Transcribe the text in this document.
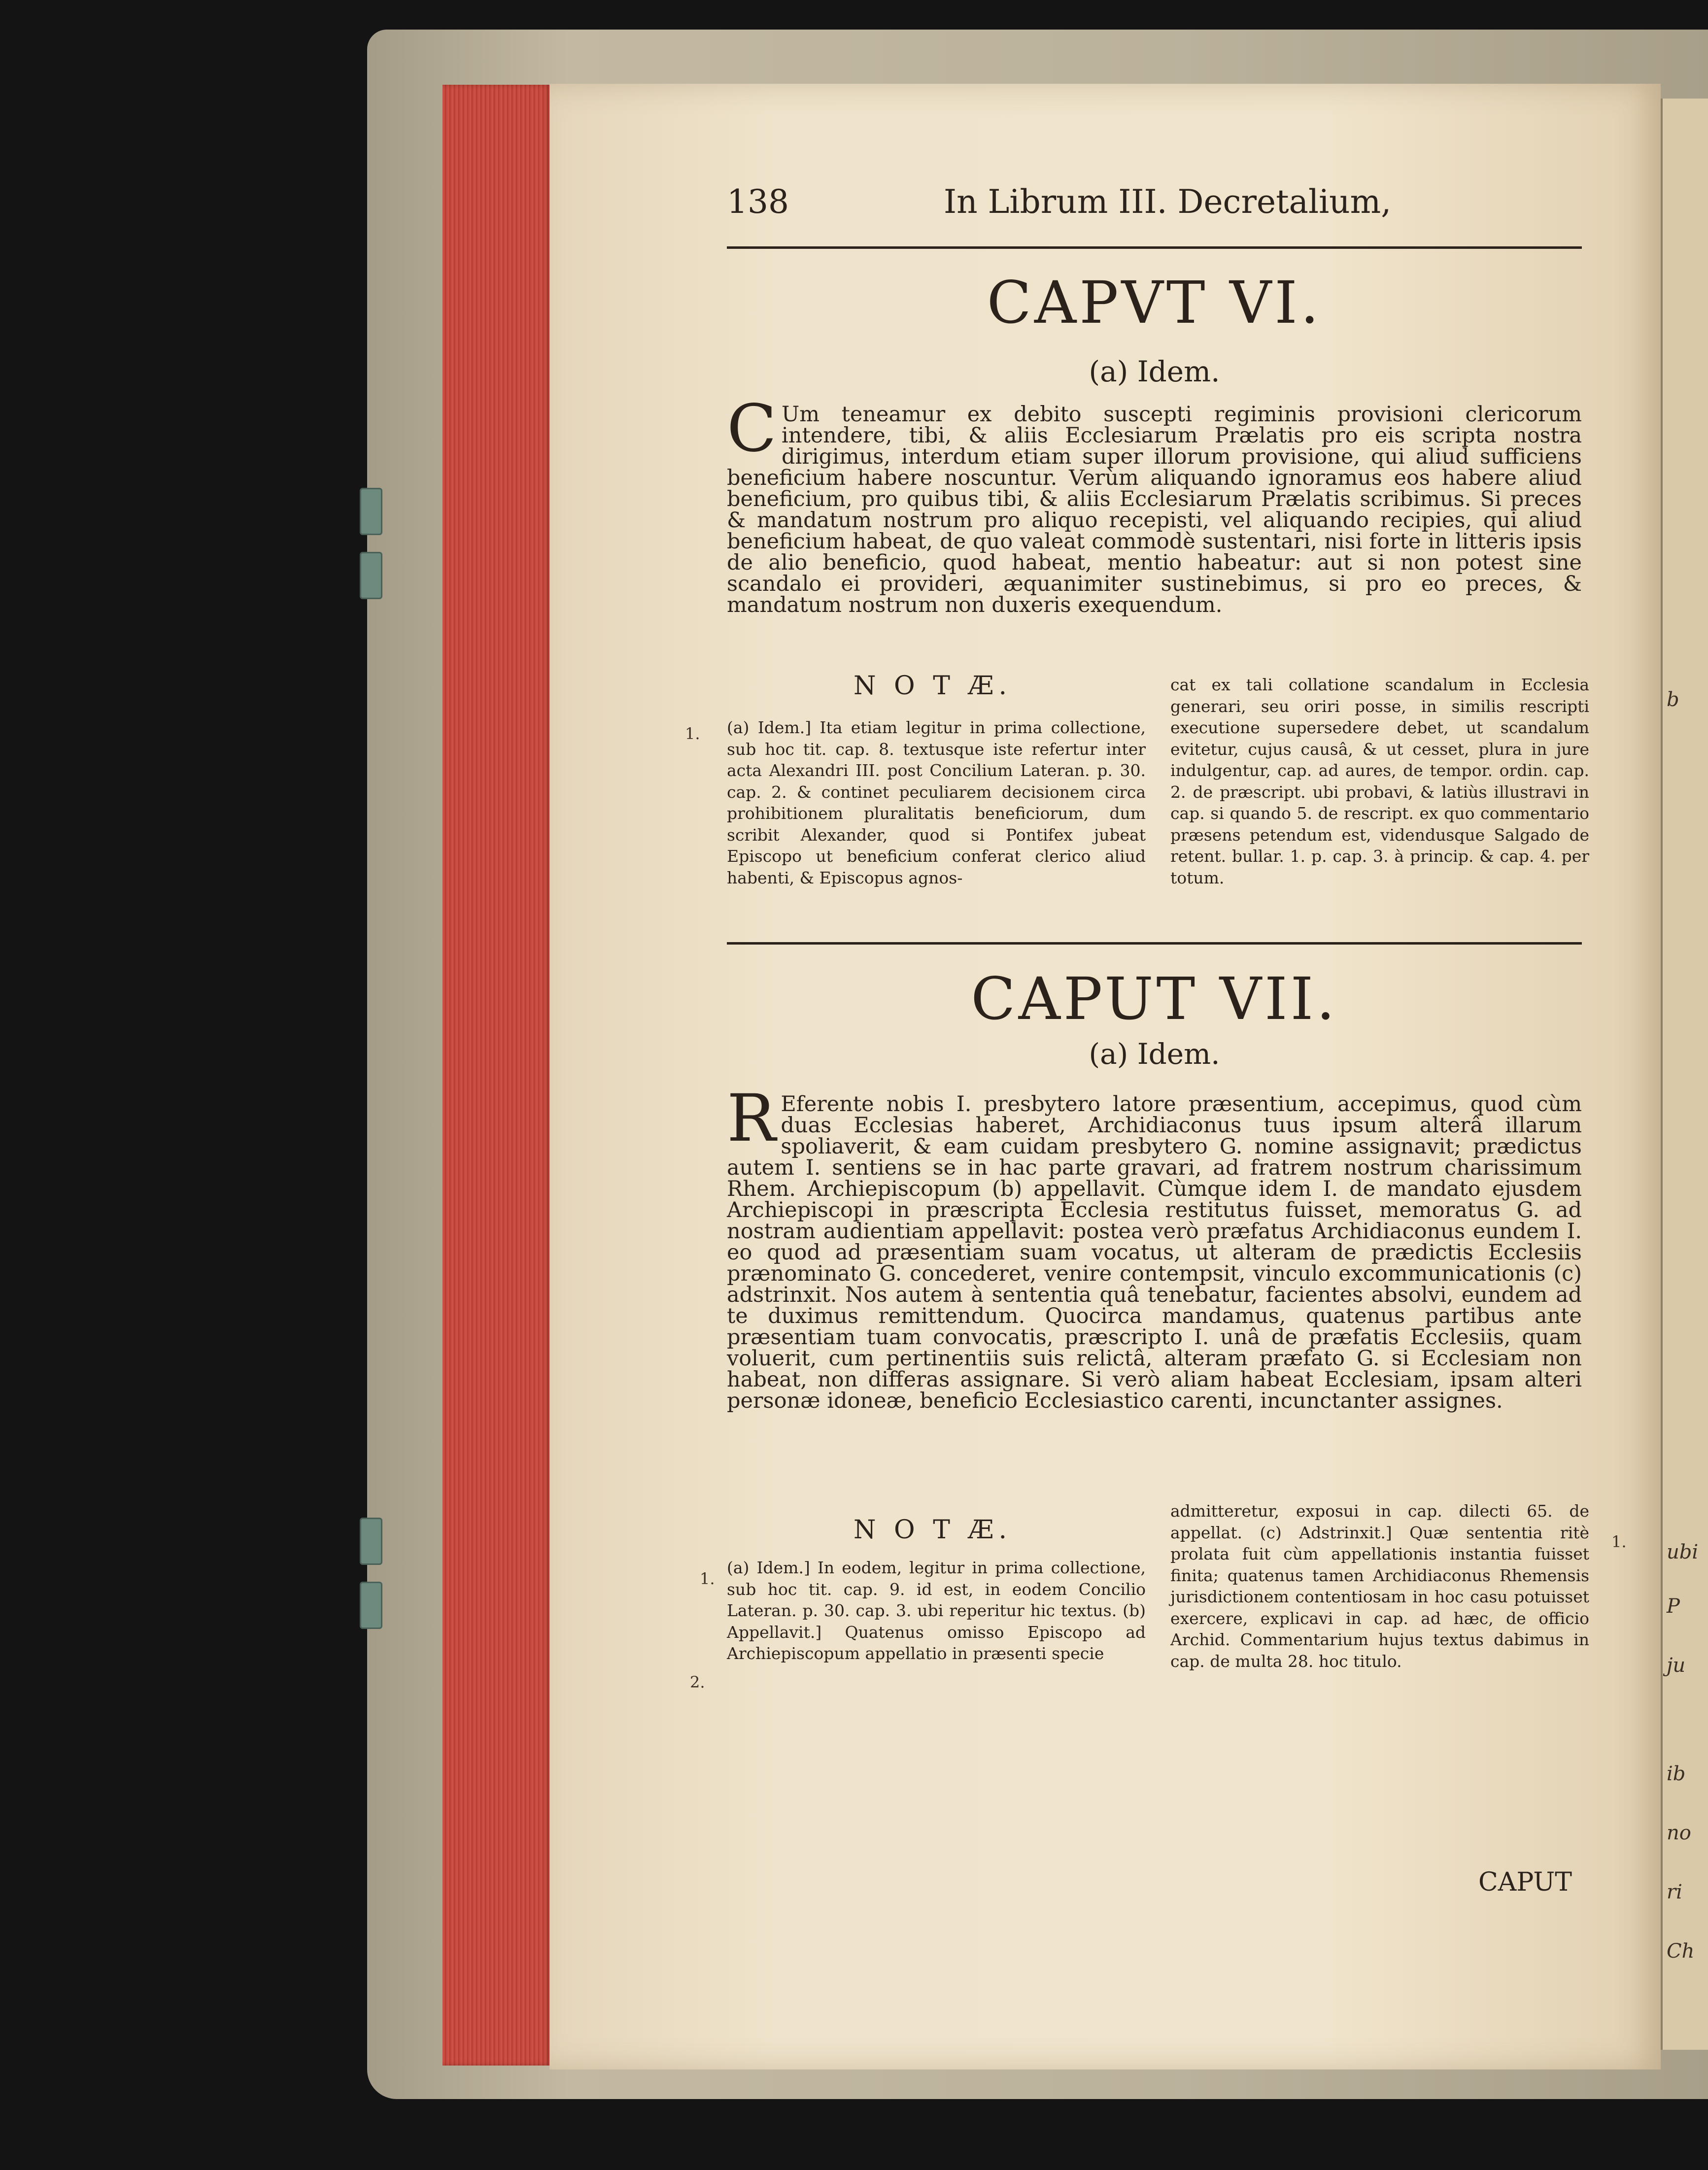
b
ubi
P
ju
ib
no
ri
Ch
138	In Librum III. Decretalium,
CAPVT VI.
(a) Idem.
C Um teneamur ex debito suscepti regiminis provisioni clericorum intendere, tibi, & aliis Ecclesiarum Prælatis pro eis scripta nostra dirigimus, interdum etiam super illorum provisione, qui aliud sufficiens beneficium habere noscuntur. Verùm aliquando ignoramus eos habere aliud beneficium, pro quibus tibi, & aliis Ecclesiarum Prælatis scribimus. Si preces & mandatum nostrum pro aliquo recepisti, vel aliquando recipies, qui aliud beneficium habeat, de quo valeat commodè sustentari, nisi forte in litteris ipsis de alio beneficio, quod habeat, mentio habeatur: aut si non potest sine scandalo ei provideri, æquanimiter sustinebimus, si pro eo preces, & mandatum nostrum non duxeris exequendum.
N O T Æ.
(a) Idem.] Ita etiam legitur in prima collectione, sub hoc tit. cap. 8. textusque iste refertur inter acta Alexandri III. post Concilium Lateran. p. 30. cap. 2. & continet peculiarem decisionem circa prohibitionem pluralitatis beneficiorum, dum scribit Alexander, quod si Pontifex jubeat Episcopo ut beneficium conferat clerico aliud habenti, & Episcopus agnos-
cat ex tali collatione scandalum in Ecclesia generari, seu oriri posse, in similis rescripti executione supersedere debet, ut scandalum evitetur, cujus causâ, & ut cesset, plura in jure indulgentur, cap. ad aures, de tempor. ordin. cap. 2. de præscript. ubi probavi, & latiùs illustravi in cap. si quando 5. de rescript. ex quo commentario præsens petendum est, videndusque Salgado de retent. bullar. 1. p. cap. 3. à princip. & cap. 4. per totum.
CAPUT VII.
(a) Idem.
R Eferente nobis I. presbytero latore præsentium, accepimus, quod cùm duas Ecclesias haberet, Archidiaconus tuus ipsum alterâ illarum spoliaverit, & eam cuidam presbytero G. nomine assignavit; prædictus autem I. sentiens se in hac parte gravari, ad fratrem nostrum charissimum Rhem. Archiepiscopum (b) appellavit. Cùmque idem I. de mandato ejusdem Archiepiscopi in præscripta Ecclesia restitutus fuisset, memoratus G. ad nostram audientiam appellavit: postea verò præfatus Archidiaconus eundem I. eo quod ad præsentiam suam vocatus, ut alteram de prædictis Ecclesiis prænominato G. concederet, venire contempsit, vinculo excommunicationis (c) adstrinxit. Nos autem à sententia quâ tenebatur, facientes absolvi, eundem ad te duximus remittendum. Quocirca mandamus, quatenus partibus ante præsentiam tuam convocatis, præscripto I. unâ de præfatis Ecclesiis, quam voluerit, cum pertinentiis suis relictâ, alteram præfato G. si Ecclesiam non habeat, non differas assignare. Si verò aliam habeat Ecclesiam, ipsam alteri personæ idoneæ, beneficio Ecclesiastico carenti, incunctanter assignes.
N O T Æ.
(a) Idem.] In eodem, legitur in prima collectione, sub hoc tit. cap. 9. id est, in eodem Concilio Lateran. p. 30. cap. 3. ubi reperitur hic textus. (b) Appellavit.] Quatenus omisso Episcopo ad Archiepiscopum appellatio in præsenti specie
admitteretur, exposui in cap. dilecti 65. de appellat. (c) Adstrinxit.] Quæ sententia ritè prolata fuit cùm appellationis instantia fuisset finita; quatenus tamen Archidiaconus Rhemensis jurisdictionem contentiosam in hoc casu potuisset exercere, explicavi in cap. ad hæc, de officio Archid. Commentarium hujus textus dabimus in cap. de multa 28. hoc titulo.
1.
1.
1.
2.
CAPUT
